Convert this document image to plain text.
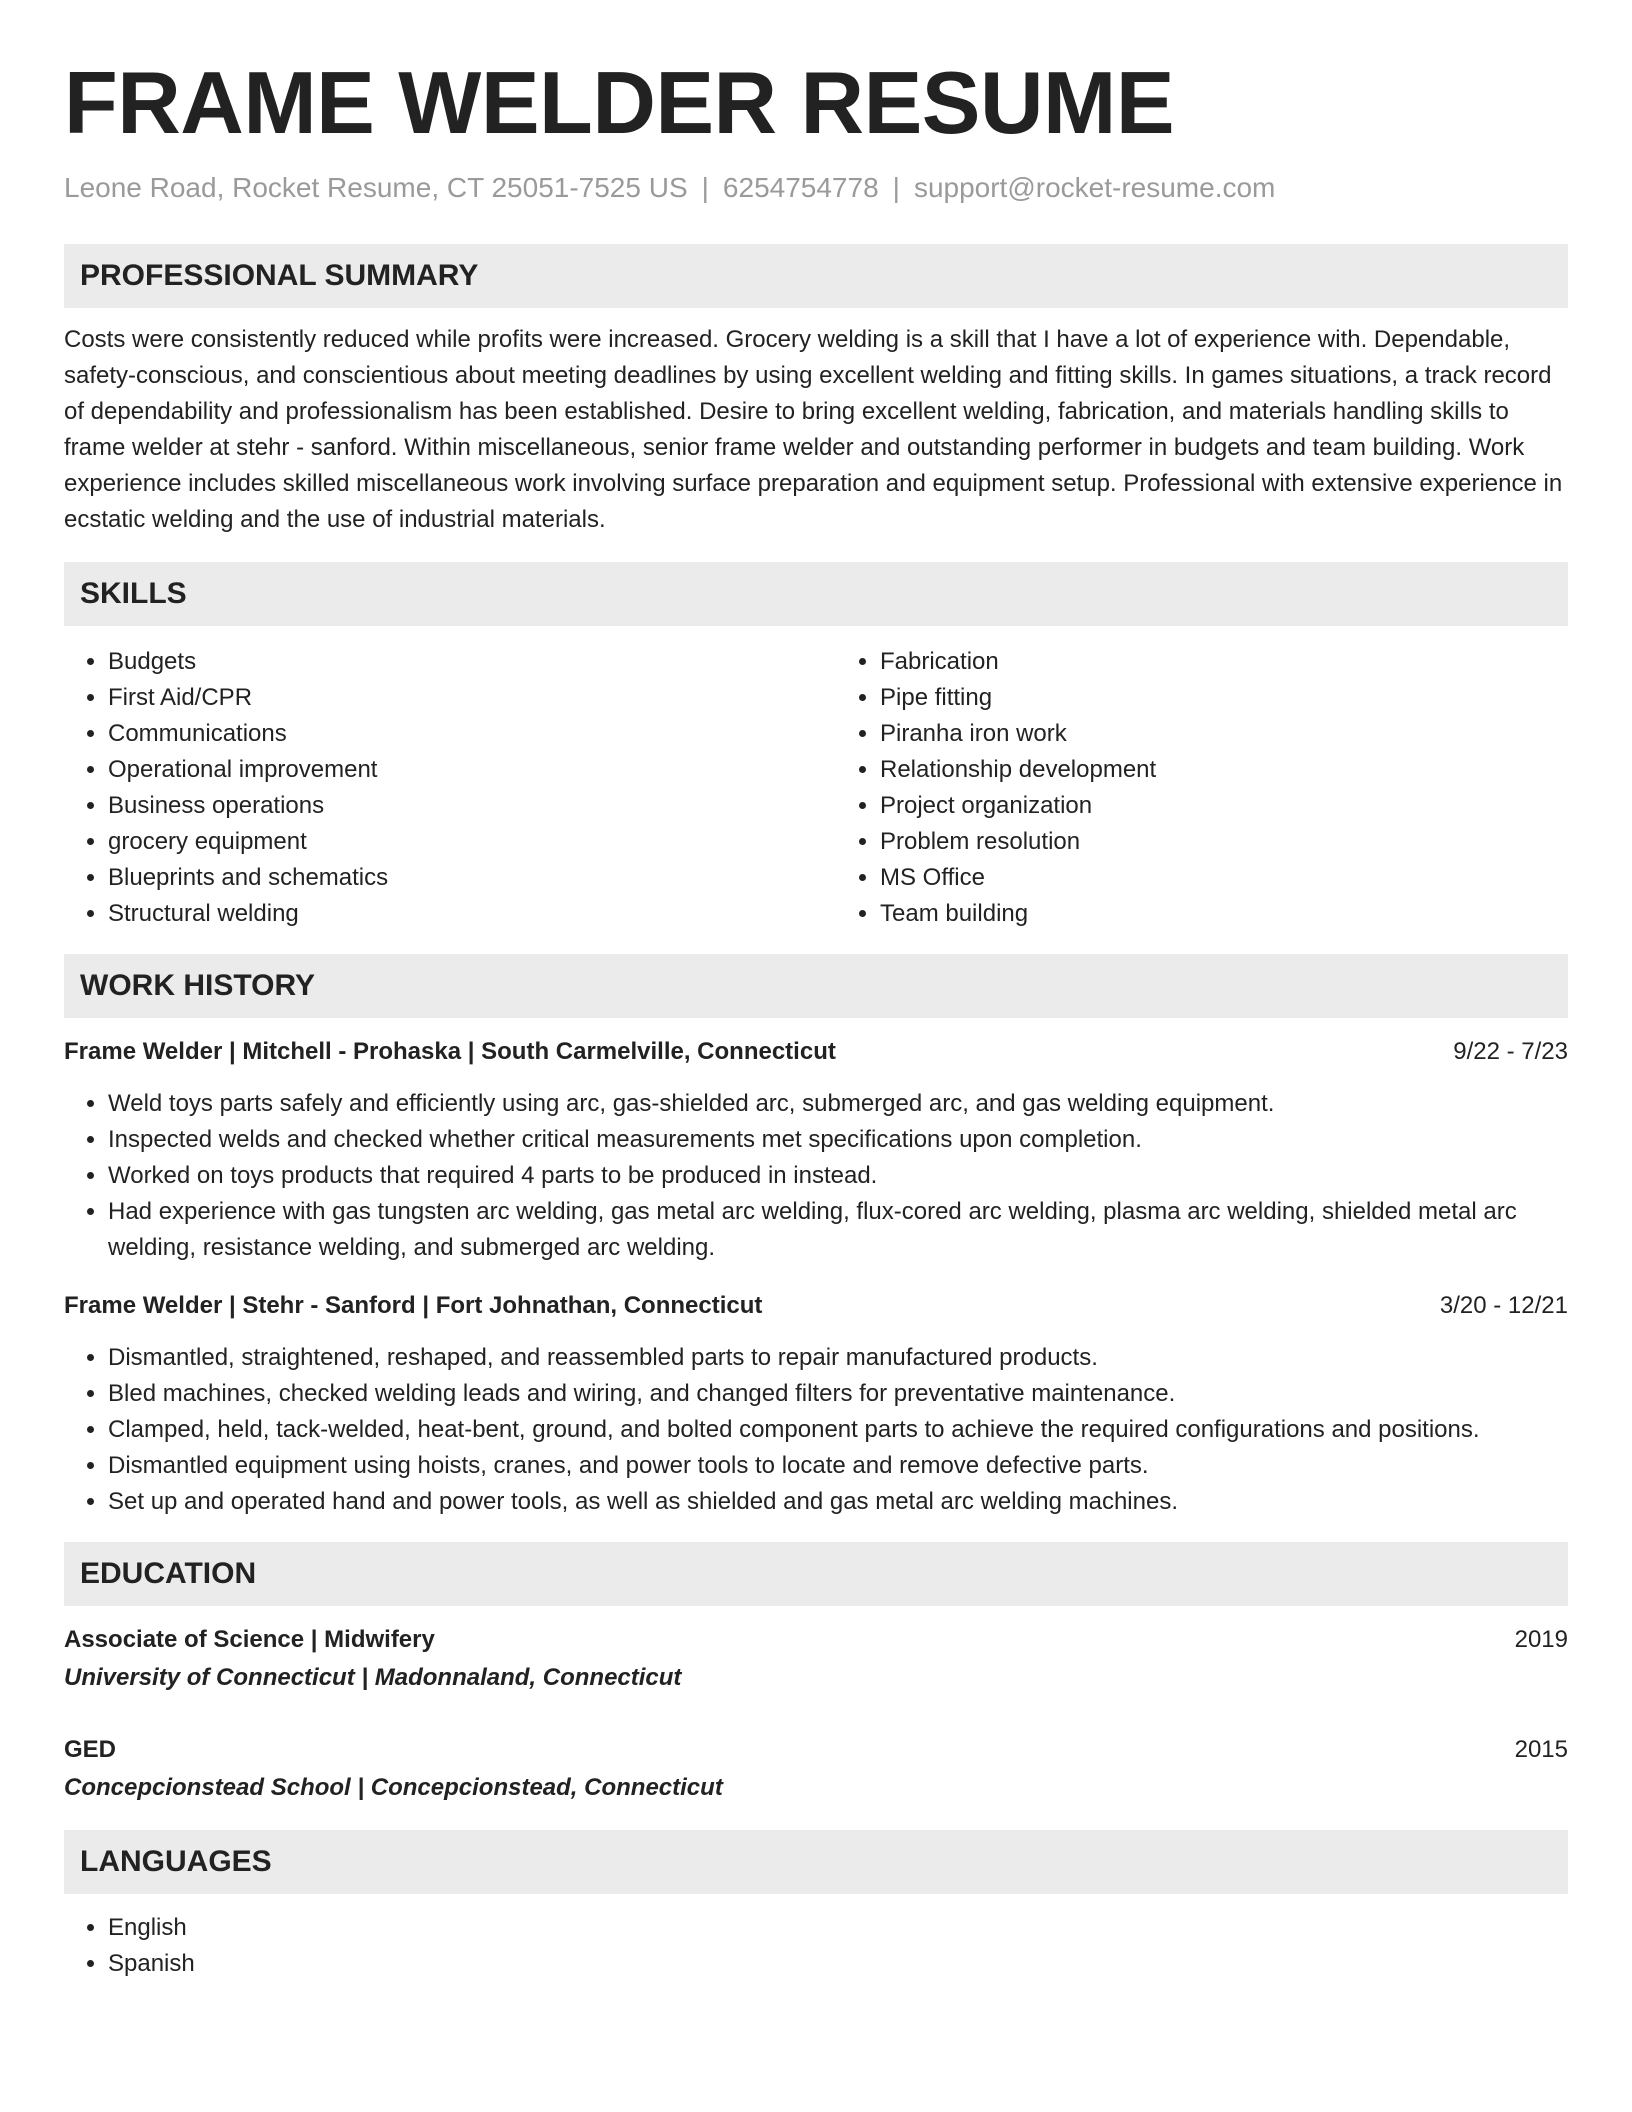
FRAME WELDER RESUME
Leone Road, Rocket Resume, CT 25051-7525 US | 6254754778 | support@rocket-resume.com
PROFESSIONAL SUMMARY

Costs were consistently reduced while profits were increased. Grocery welding is a skill that I have a lot of experience with. Dependable, safety-conscious, and conscientious about meeting deadlines by using excellent welding and fitting skills. In games situations, a track record of dependability and professionalism has been established. Desire to bring excellent welding, fabrication, and materials handling skills to frame welder at stehr - sanford. Within miscellaneous, senior frame welder and outstanding performer in budgets and team building. Work experience includes skilled miscellaneous work involving surface preparation and equipment setup. Professional with extensive experience in ecstatic welding and the use of industrial materials.

SKILLS
• Budgets
• First Aid/CPR
• Communications
• Operational improvement
• Business operations
• grocery equipment
• Blueprints and schematics
• Structural welding
• Fabrication
• Pipe fitting
• Piranha iron work
• Relationship development
• Project organization
• Problem resolution
• MS Office
• Team building
WORK HISTORY
Frame Welder | Mitchell - Prohaska | South Carmelville, Connecticut	9/22 - 7/23
• Weld toys parts safely and efficiently using arc, gas-shielded arc, submerged arc, and gas welding equipment.
• Inspected welds and checked whether critical measurements met specifications upon completion.
• Worked on toys products that required 4 parts to be produced in instead.
• Had experience with gas tungsten arc welding, gas metal arc welding, flux-cored arc welding, plasma arc welding, shielded metal arc welding, resistance welding, and submerged arc welding.
Frame Welder | Stehr - Sanford | Fort Johnathan, Connecticut	3/20 - 12/21
• Dismantled, straightened, reshaped, and reassembled parts to repair manufactured products.
• Bled machines, checked welding leads and wiring, and changed filters for preventative maintenance.
• Clamped, held, tack-welded, heat-bent, ground, and bolted component parts to achieve the required configurations and positions.
• Dismantled equipment using hoists, cranes, and power tools to locate and remove defective parts.
• Set up and operated hand and power tools, as well as shielded and gas metal arc welding machines.
EDUCATION
Associate of Science | Midwifery	2019
University of Connecticut | Madonnaland, Connecticut
GED	2015
Concepcionstead School | Concepcionstead, Connecticut
LANGUAGES
• English
• Spanish
